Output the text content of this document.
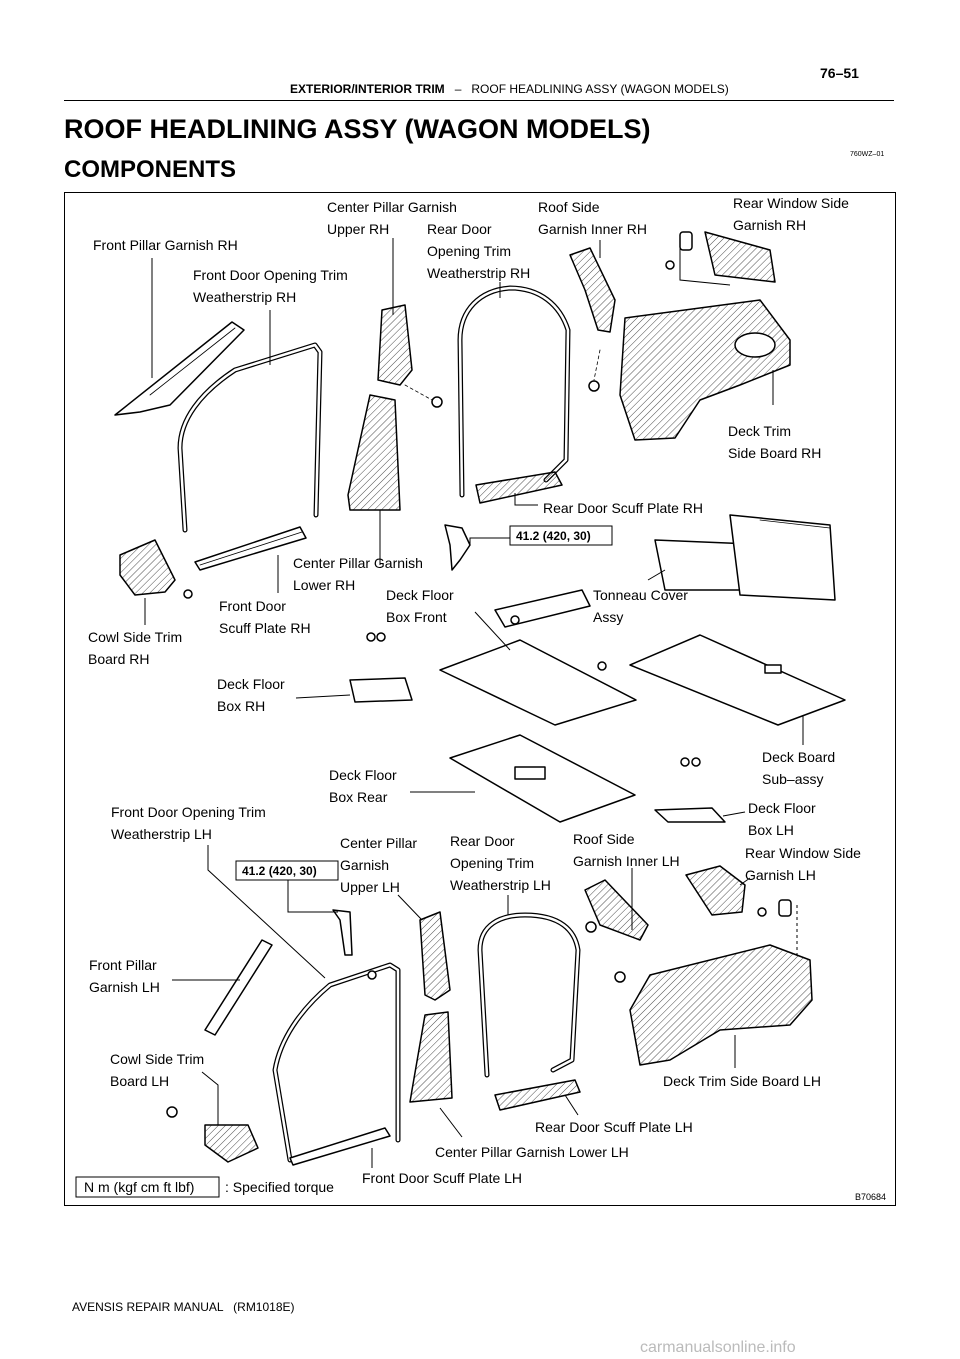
76–51
EXTERIOR/INTERIOR TRIM – ROOF HEADLINING ASSY (WAGON MODELS)
ROOF HEADLINING ASSY (WAGON MODELS)
COMPONENTS
760WZ–01
41.2 (420, 30)
41.2 (420, 30)
Front Pillar Garnish RH
Front Door Opening Trim Weatherstrip RH
Center Pillar Garnish Upper RH	Rear Door Opening Trim Weatherstrip RH
Roof Side Garnish Inner RH
Rear Window Side Garnish RH
Deck Trim Side Board RH
Rear Door Scuff Plate RH
Center Pillar Garnish Lower RH
Front Door Scuff Plate RH
Cowl Side Trim Board RH
Deck Floor Box Front
Tonneau Cover Assy
Deck Floor Box RH
Deck Board Sub–assy
Deck Floor Box Rear
Deck Floor Box LH
Front Door Opening Trim Weatherstrip LH
Center Pillar Garnish Upper LH
Rear Door Opening Trim Weatherstrip LH
Roof Side Garnish Inner LH	Rear Window Side Garnish LH
Front Pillar Garnish LH
Cowl Side Trim Board LH	Deck Trim Side Board LH
Rear Door Scuff Plate LH
Center Pillar Garnish Lower LH
Front Door Scuff Plate LH
N m (kgf cm ft lbf) : Specified torque
B70684
AVENSIS REPAIR MANUAL   (RM1018E)
carmanualsonline.info
